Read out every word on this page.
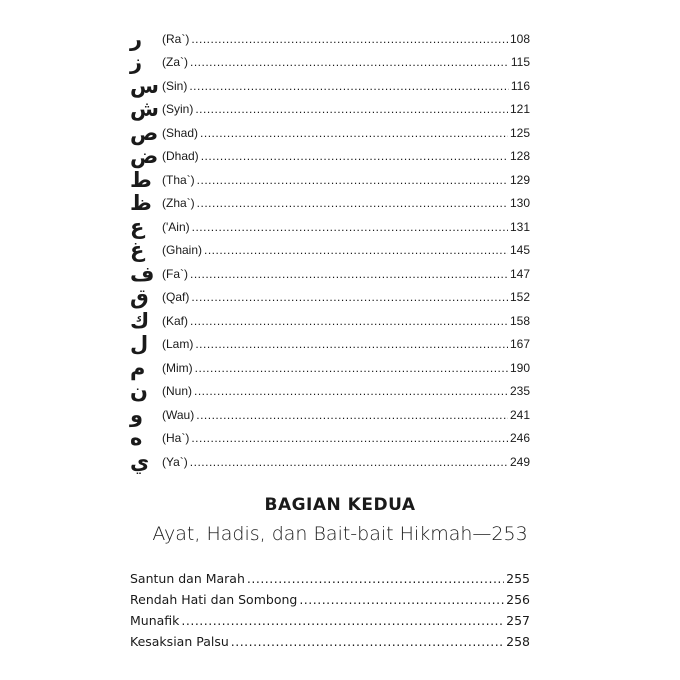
ر	(Ra`) .....	108
ز	(Za`) .....	115
س (Sin) .....	116
ش (Syin) .....	121
ص (Shad) .....	125
ض (Dhad) .....	128
ط (Tha`) .....	129
ظ (Zha`) .....	130
ع	('Ain) .....	131
غ	(Ghain) .....	145
ف (Fa`) .....	147
ق	(Qaf) .....	152
ك	(Kaf) .....	158
ل	(Lam) .....	167
م	(Mim) .....	190
ن	(Nun) .....	235
و	(Wau) .....	241
ه	(Ha`) .....	246
ي	(Ya`) .....	249
BAGIAN KEDUA
Ayat, Hadis, dan Bait-bait Hikmah—253
Santun dan Marah .....	255
Rendah Hati dan Sombong .....	256
Munafik .....	257
Kesaksian Palsu .....	258
